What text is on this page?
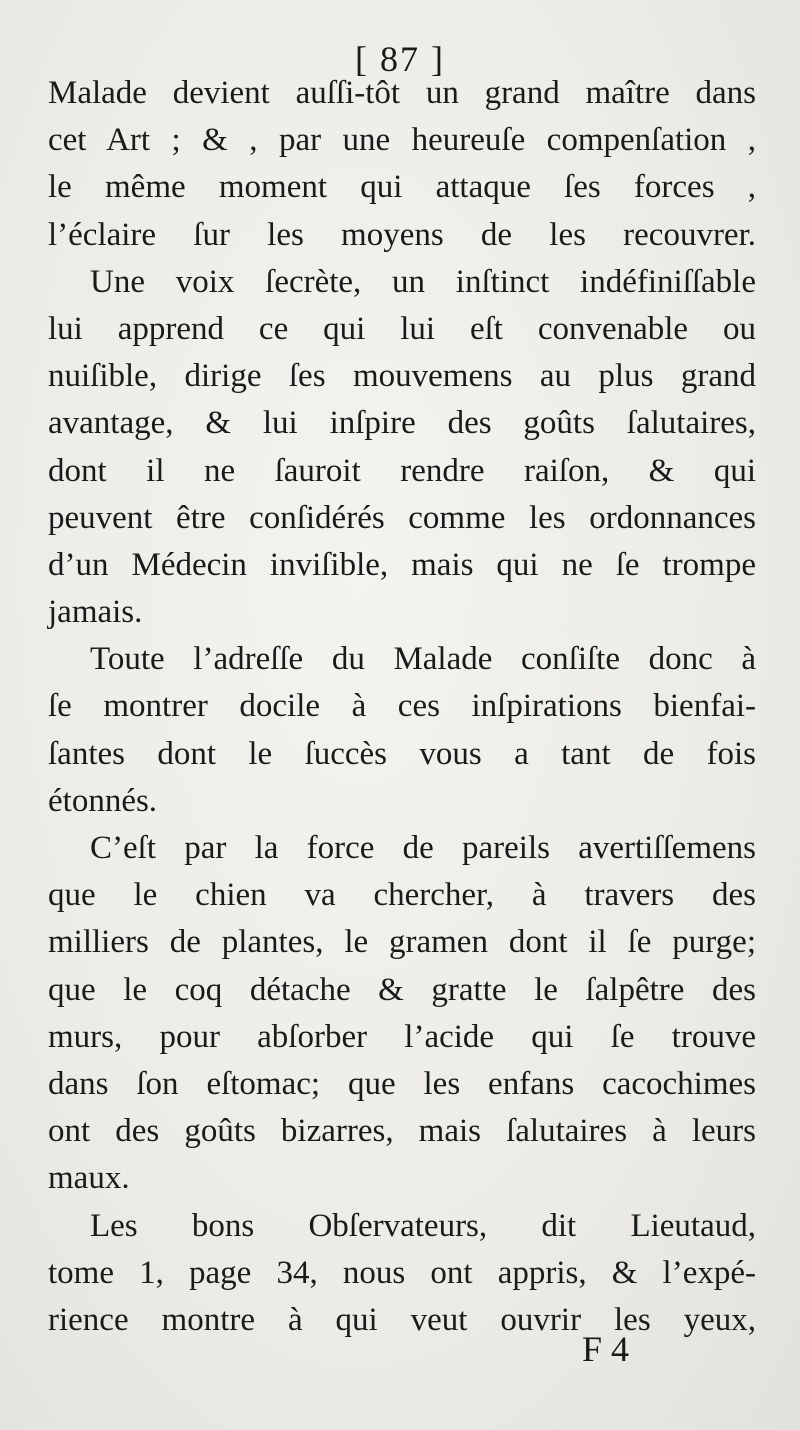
[ 87 ]
Malade devient auſſi-tôt un grand maître dans
cet Art ; & , par une heureuſe compenſation ,
le même moment qui attaque ſes forces ,
l’éclaire ſur les moyens de les recouvrer.
Une voix ſecrète, un inſtinct indéfiniſſable
lui apprend ce qui lui eſt convenable ou
nuiſible, dirige ſes mouvemens au plus grand
avantage, & lui inſpire des goûts ſalutaires,
dont il ne ſauroit rendre raiſon, & qui
peuvent être conſidérés comme les ordonnances
d’un Médecin inviſible, mais qui ne ſe trompe
jamais.
Toute l’adreſſe du Malade conſiſte donc à
ſe montrer docile à ces inſpirations bienfai-
ſantes dont le ſuccès vous a tant de fois
étonnés.
C’eſt par la force de pareils avertiſſemens
que le chien va chercher, à travers des
milliers de plantes, le gramen dont il ſe purge;
que le coq détache & gratte le ſalpêtre des
murs, pour abſorber l’acide qui ſe trouve
dans ſon eſtomac; que les enfans cacochimes
ont des goûts bizarres, mais ſalutaires à leurs
maux.
Les bons Obſervateurs, dit Lieutaud,
tome 1, page 34, nous ont appris, & l’expé-
rience montre à qui veut ouvrir les yeux,
F 4
